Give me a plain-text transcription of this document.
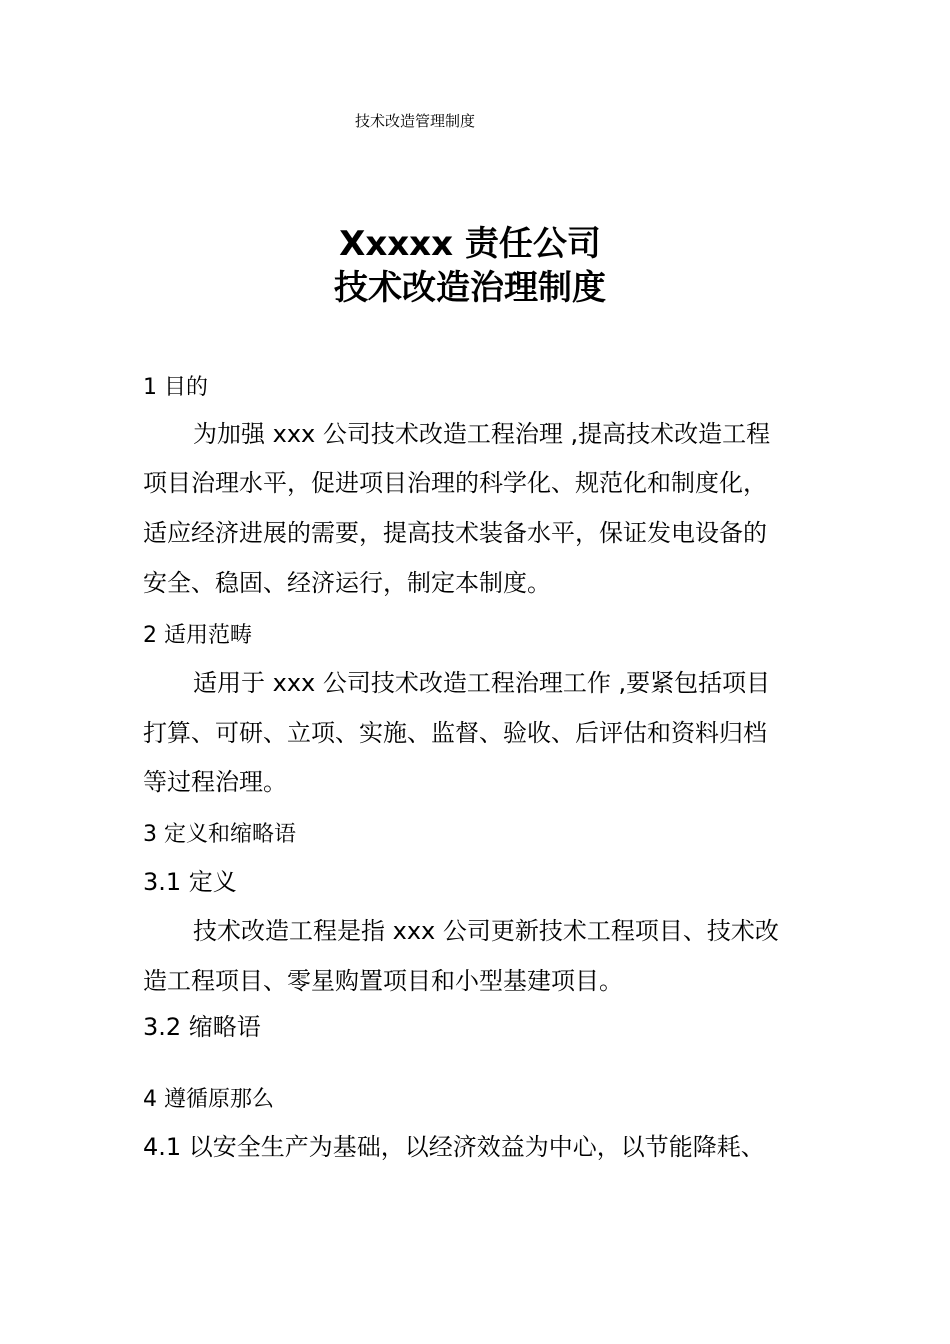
技术改造管理制度
Xxxxx 责任公司
技术改造治理制度
1 目的
为加强 xxx 公司技术改造工程治理 ,提高技术改造工程
项目治理水平，促进项目治理的科学化、规范化和制度化，
适应经济进展的需要，提高技术装备水平，保证发电设备的
安全、稳固、经济运行，制定本制度。
2 适用范畴
适用于 xxx 公司技术改造工程治理工作 ,要紧包括项目
打算、可研、立项、实施、监督、验收、后评估和资料归档
等过程治理。
3 定义和缩略语
3.1 定义
技术改造工程是指 xxx 公司更新技术工程项目、技术改
造工程项目、零星购置项目和小型基建项目。
3.2 缩略语
4 遵循原那么
4.1 以安全生产为基础，以经济效益为中心，以节能降耗、
